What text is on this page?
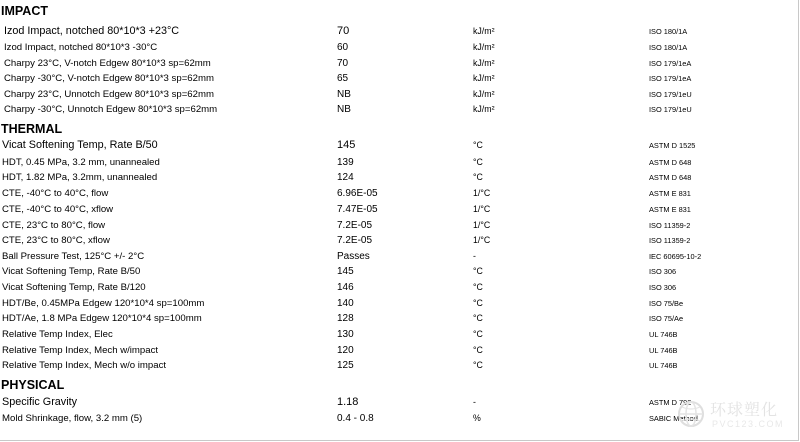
IMPACT
Izod Impact, notched 80*10*3 +23°C	70	kJ/m²	ISO 180/1A
Izod Impact, notched 80*10*3 -30°C	60	kJ/m²	ISO 180/1A
Charpy 23°C, V-notch Edgew 80*10*3 sp=62mm	70	kJ/m²	ISO 179/1eA
Charpy -30°C, V-notch Edgew 80*10*3 sp=62mm	65	kJ/m²	ISO 179/1eA
Charpy 23°C, Unnotch Edgew 80*10*3 sp=62mm	NB	kJ/m²	ISO 179/1eU
Charpy -30°C, Unnotch Edgew 80*10*3 sp=62mm	NB	kJ/m²	ISO 179/1eU
THERMAL
Vicat Softening Temp, Rate B/50	145	°C	ASTM D 1525
HDT, 0.45 MPa, 3.2 mm, unannealed	139	°C	ASTM D 648
HDT, 1.82 MPa, 3.2mm, unannealed	124	°C	ASTM D 648
CTE, -40°C to 40°C, flow	6.96E-05	1/°C	ASTM E 831
CTE, -40°C to 40°C, xflow	7.47E-05	1/°C	ASTM E 831
CTE, 23°C to 80°C, flow	7.2E-05	1/°C	ISO 11359-2
CTE, 23°C to 80°C, xflow	7.2E-05	1/°C	ISO 11359-2
Ball Pressure Test, 125°C +/- 2°C	Passes	-	IEC 60695-10-2
Vicat Softening Temp, Rate B/50	145	°C	ISO 306
Vicat Softening Temp, Rate B/120	146	°C	ISO 306
HDT/Be, 0.45MPa Edgew 120*10*4 sp=100mm	140	°C	ISO 75/Be
HDT/Ae, 1.8 MPa Edgew 120*10*4 sp=100mm	128	°C	ISO 75/Ae
Relative Temp Index, Elec	130	°C	UL 746B
Relative Temp Index, Mech w/impact	120	°C	UL 746B
Relative Temp Index, Mech w/o impact	125	°C	UL 746B
PHYSICAL
Specific Gravity	1.18	-	ASTM D 792
Mold Shrinkage, flow, 3.2 mm (5)	0.4 - 0.8	%	SABIC Method 环球塑化
PVC123.COM
